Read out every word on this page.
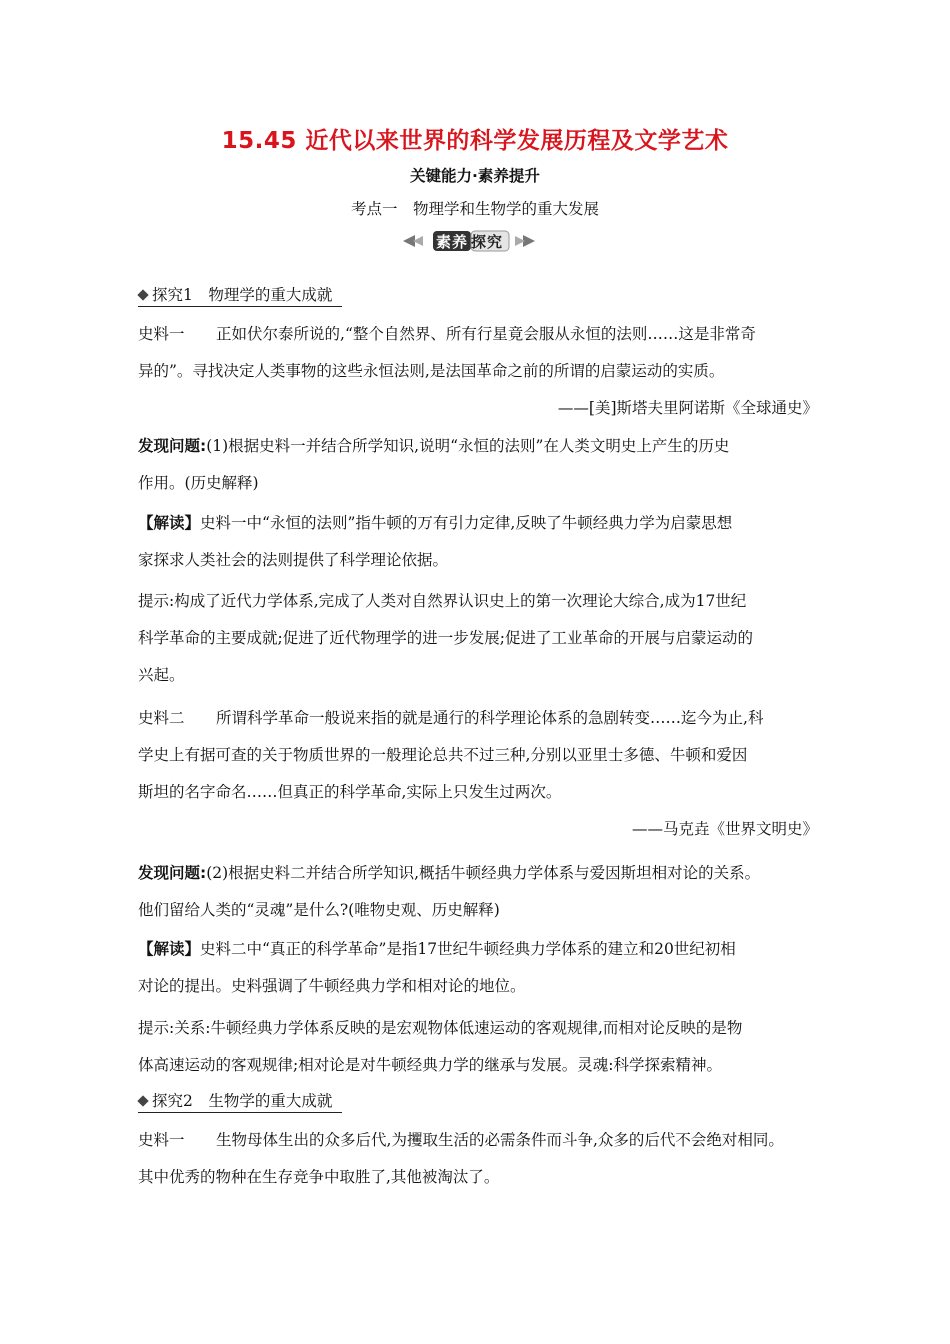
15.45 近代以来世界的科学发展历程及文学艺术
关键能力·素养提升
考点一　物理学和生物学的重大发展
素养 探究
探究1　物理学的重大成就
史料一　 正如伏尔泰所说的,“整个自然界、所有行星竟会服从永恒的法则……这是非常奇
异的”。寻找决定人类事物的这些永恒法则,是法国革命之前的所谓的启蒙运动的实质。
——[美]斯塔夫里阿诺斯《全球通史》
发现问题:(1)根据史料一并结合所学知识,说明“永恒的法则”在人类文明史上产生的历史
作用。(历史解释)
【解读】史料一中“永恒的法则”指牛顿的万有引力定律,反映了牛顿经典力学为启蒙思想
家探求人类社会的法则提供了科学理论依据。
提示:构成了近代力学体系,完成了人类对自然界认识史上的第一次理论大综合,成为17世纪
科学革命的主要成就;促进了近代物理学的进一步发展;促进了工业革命的开展与启蒙运动的
兴起。
史料二　 所谓科学革命一般说来指的就是通行的科学理论体系的急剧转变……迄今为止,科
学史上有据可查的关于物质世界的一般理论总共不过三种,分别以亚里士多德、牛顿和爱因
斯坦的名字命名……但真正的科学革命,实际上只发生过两次。
——马克垚《世界文明史》
发现问题:(2)根据史料二并结合所学知识,概括牛顿经典力学体系与爱因斯坦相对论的关系。
他们留给人类的“灵魂”是什么?(唯物史观、历史解释)
【解读】史料二中“真正的科学革命”是指17世纪牛顿经典力学体系的建立和20世纪初相
对论的提出。史料强调了牛顿经典力学和相对论的地位。
提示:关系:牛顿经典力学体系反映的是宏观物体低速运动的客观规律,而相对论反映的是物
体高速运动的客观规律;相对论是对牛顿经典力学的继承与发展。灵魂:科学探索精神。
探究2　生物学的重大成就
史料一　 生物母体生出的众多后代,为攫取生活的必需条件而斗争,众多的后代不会绝对相同。
其中优秀的物种在生存竞争中取胜了,其他被淘汰了。
